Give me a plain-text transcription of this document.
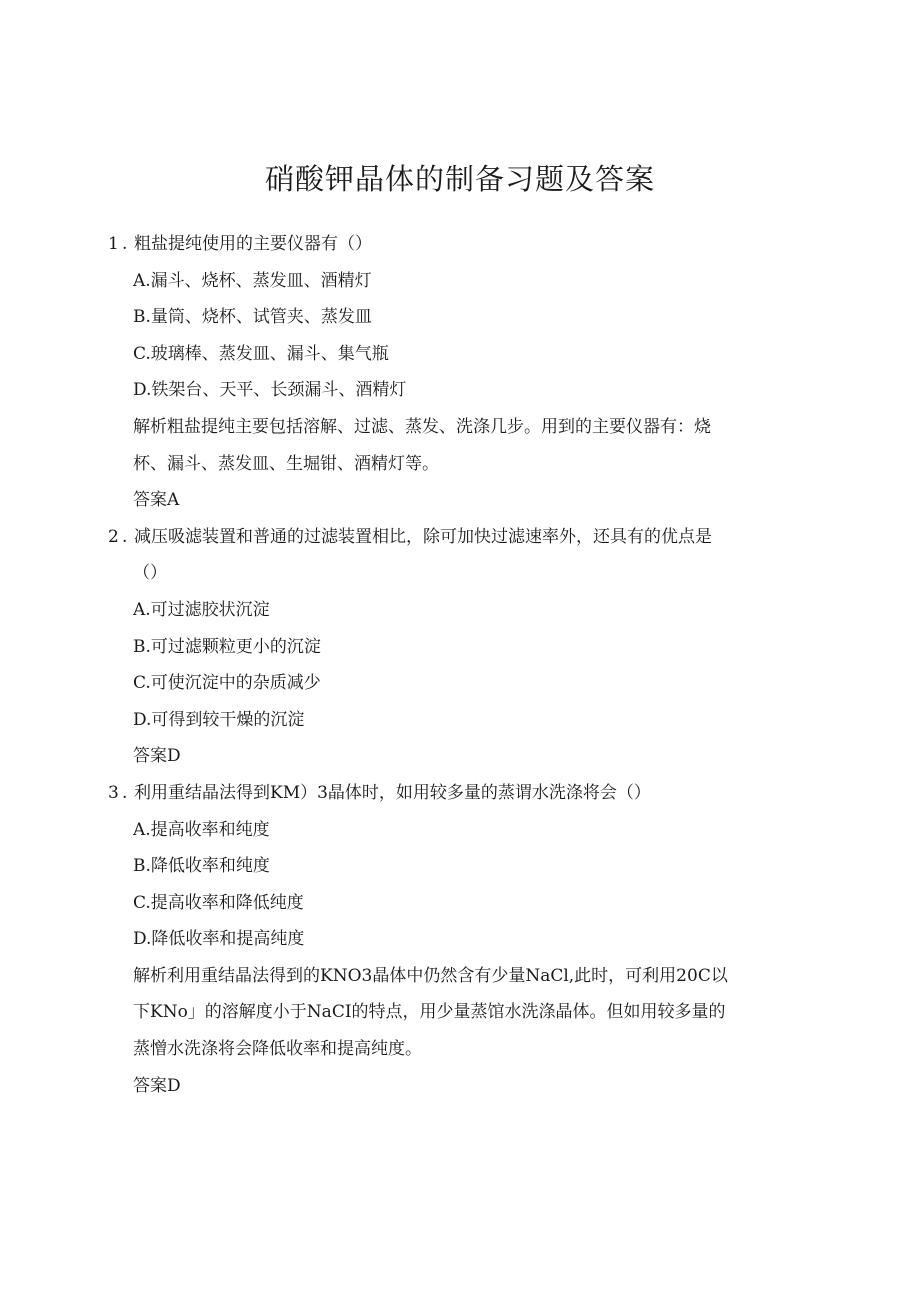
硝酸钾晶体的制备习题及答案
1 . 粗盐提纯使用的主要仪器有（）
A.漏斗、烧杯、蒸发皿、酒精灯
B.量筒、烧杯、试管夹、蒸发皿
C.玻璃棒、蒸发皿、漏斗、集气瓶
D.铁架台、天平、长颈漏斗、酒精灯
解析粗盐提纯主要包括溶解、过滤、蒸发、洗涤几步。用到的主要仪器有：烧
杯、漏斗、蒸发皿、生堀钳、酒精灯等。
答案A
2 . 减压吸滤装置和普通的过滤装置相比，除可加快过滤速率外，还具有的优点是
（）
A.可过滤胶状沉淀
B.可过滤颗粒更小的沉淀
C.可使沉淀中的杂质减少
D.可得到较干燥的沉淀
答案D
3 . 利用重结晶法得到KM）3晶体时，如用较多量的蒸谓水洗涤将会（）
A.提高收率和纯度
B.降低收率和纯度
C.提高收率和降低纯度
D.降低收率和提高纯度
解析利用重结晶法得到的KNO3晶体中仍然含有少量NaCl,此时，可利用20C以
下KNo」的溶解度小于NaCI的特点，用少量蒸馆水洗涤晶体。但如用较多量的
蒸憎水洗涤将会降低收率和提高纯度。
答案D
